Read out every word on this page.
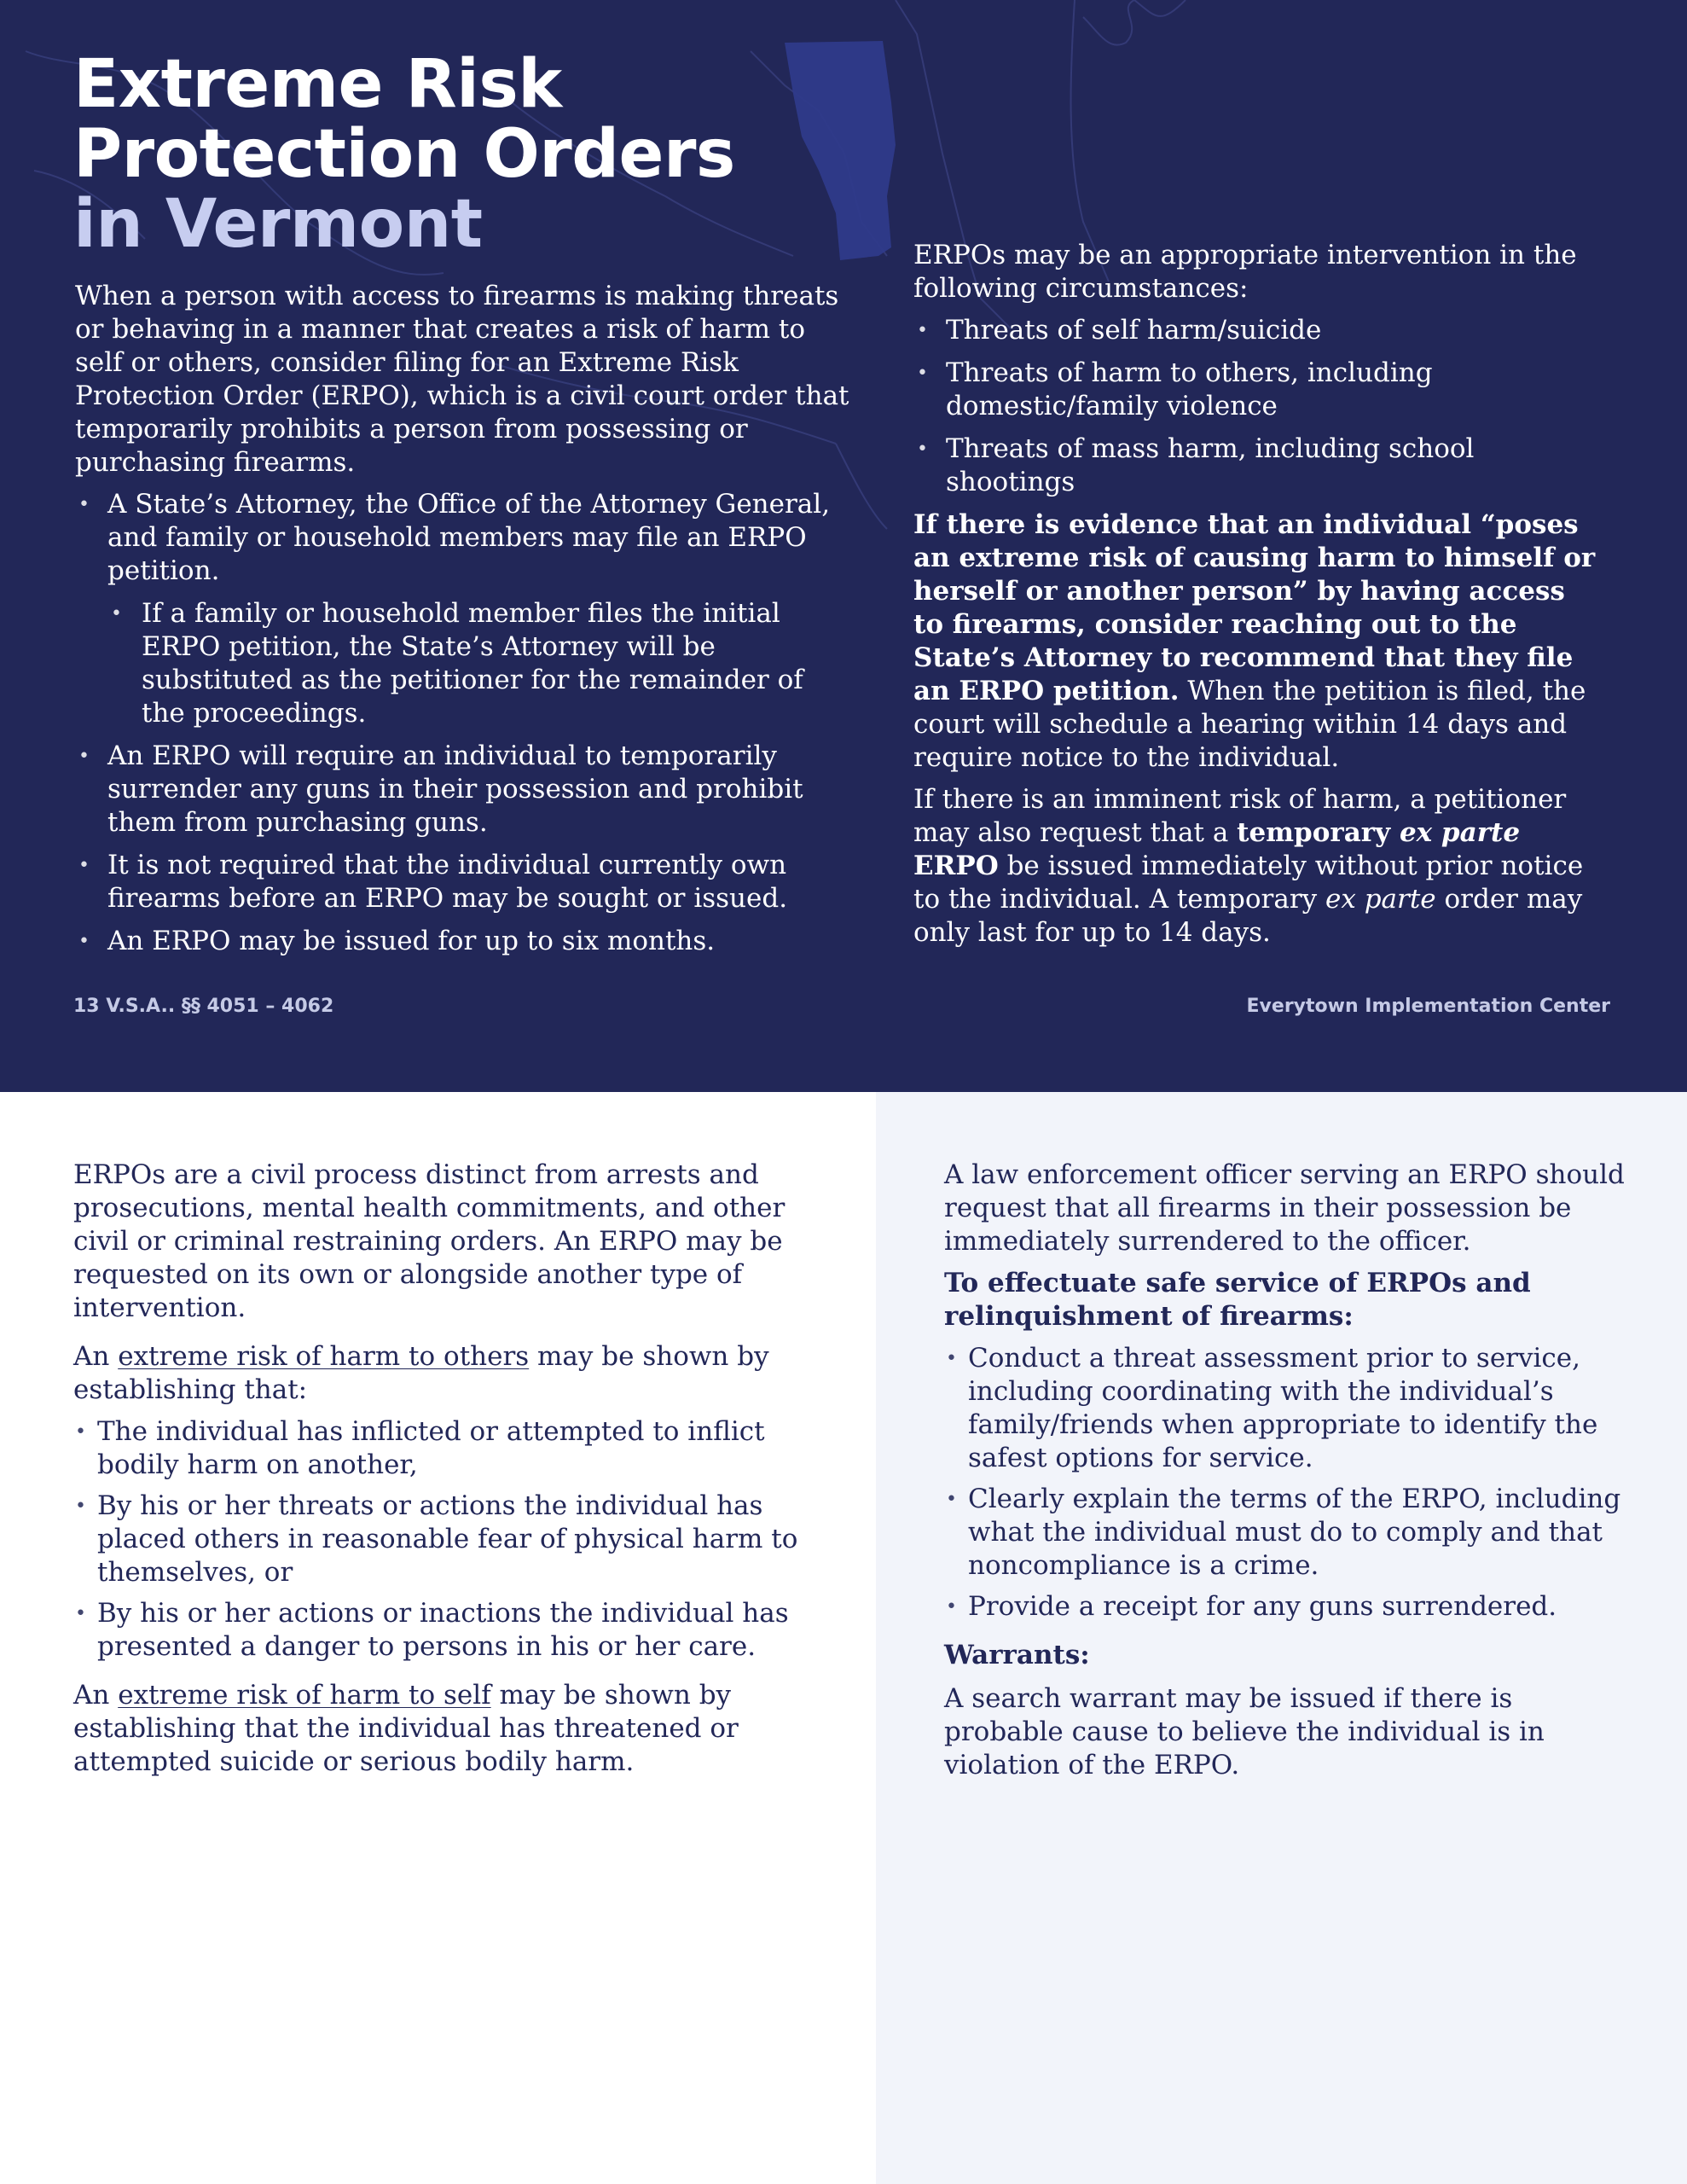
Extreme Risk
Protection Orders
in Vermont

When a person with access to firearms is making threats or behaving in a manner that creates a risk of harm to self or others, consider filing for an Extreme Risk Protection Order (ERPO), which is a civil court order that temporarily prohibits a person from possessing or purchasing firearms.

• A State’s Attorney, the Office of the Attorney General, and family or household members may file an ERPO petition.
• If a family or household member files the initial ERPO petition, the State’s Attorney will be substituted as the petitioner for the remainder of the proceedings.
• An ERPO will require an individual to temporarily surrender any guns in their possession and prohibit them from purchasing guns.
• It is not required that the individual currently own firearms before an ERPO may be sought or issued.
• An ERPO may be issued for up to six months.

ERPOs may be an appropriate intervention in the following circumstances:

• Threats of self harm/suicide
• Threats of harm to others, including domestic/family violence
• Threats of mass harm, including school shootings

If there is evidence that an individual “poses an extreme risk of causing harm to himself or herself or another person” by having access to firearms, consider reaching out to the State’s Attorney to recommend that they file an ERPO petition. When the petition is filed, the court will schedule a hearing within 14 days and require notice to the individual.

If there is an imminent risk of harm, a petitioner may also request that a temporary ex parte ERPO be issued immediately without prior notice to the individual. A temporary ex parte order may only last for up to 14 days.

13 V.S.A.. §§ 4051 – 4062	Everytown Implementation Center

ERPOs are a civil process distinct from arrests and prosecutions, mental health commitments, and other civil or criminal restraining orders. An ERPO may be requested on its own or alongside another type of intervention.

An extreme risk of harm to others may be shown by establishing that:

• The individual has inflicted or attempted to inflict bodily harm on another,
• By his or her threats or actions the individual has placed others in reasonable fear of physical harm to themselves, or
• By his or her actions or inactions the individual has presented a danger to persons in his or her care.

An extreme risk of harm to self may be shown by establishing that the individual has threatened or attempted suicide or serious bodily harm.

A law enforcement officer serving an ERPO should request that all firearms in their possession be immediately surrendered to the officer.

To effectuate safe service of ERPOs and relinquishment of firearms:

• Conduct a threat assessment prior to service, including coordinating with the individual’s family/friends when appropriate to identify the safest options for service.
• Clearly explain the terms of the ERPO, including what the individual must do to comply and that noncompliance is a crime.
• Provide a receipt for any guns surrendered.

Warrants:

A search warrant may be issued if there is probable cause to believe the individual is in violation of the ERPO.
